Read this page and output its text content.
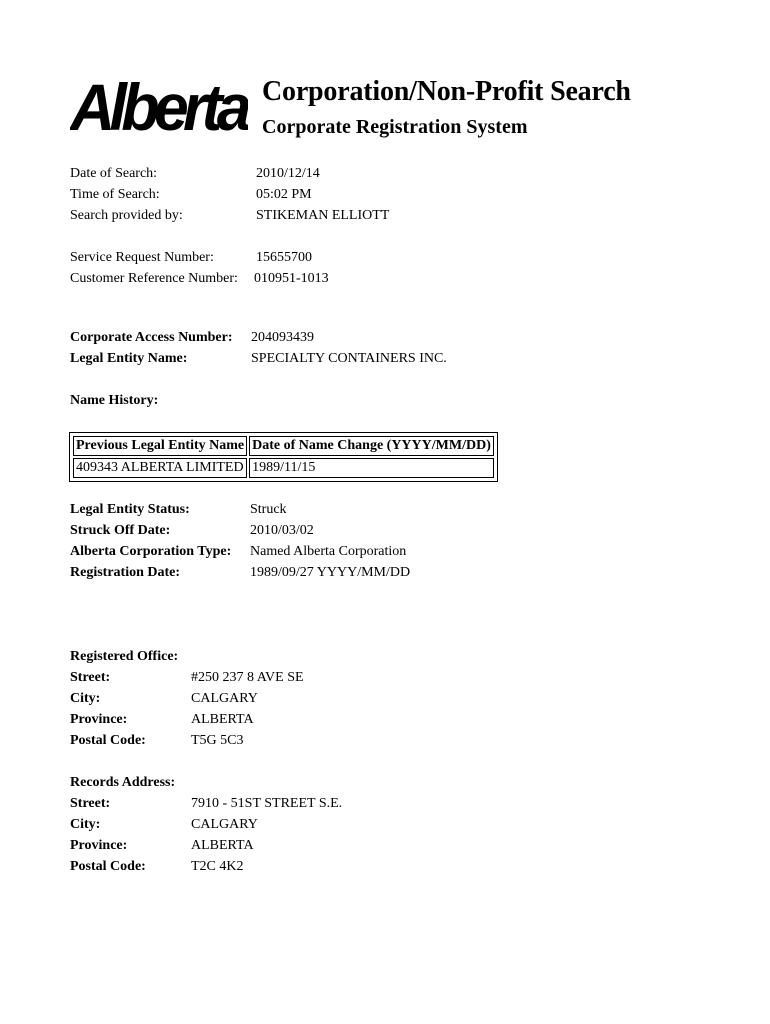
Alberta Corporation/Non-Profit Search
Corporate Registration System
Date of Search:	2010/12/14
Time of Search:	05:02 PM
Search provided by:	STIKEMAN ELLIOTT
Service Request Number:	15655700
Customer Reference Number: 010951-1013
Corporate Access Number: 204093439
Legal Entity Name:	SPECIALTY CONTAINERS INC.
Name History:
Previous Legal Entity Name	Date of Name Change (YYYY/MM/DD)
409343 ALBERTA LIMITED	1989/11/15
Legal Entity Status:	Struck
Struck Off Date:	2010/03/02
Alberta Corporation Type: Named Alberta Corporation
Registration Date:	1989/09/27 YYYY/MM/DD
Registered Office:
Street:	#250 237 8 AVE SE
City:	CALGARY
Province:	ALBERTA
Postal Code:	T5G 5C3
Records Address:
Street:	7910 - 51ST STREET S.E.
City:	CALGARY
Province:	ALBERTA
Postal Code:	T2C 4K2
